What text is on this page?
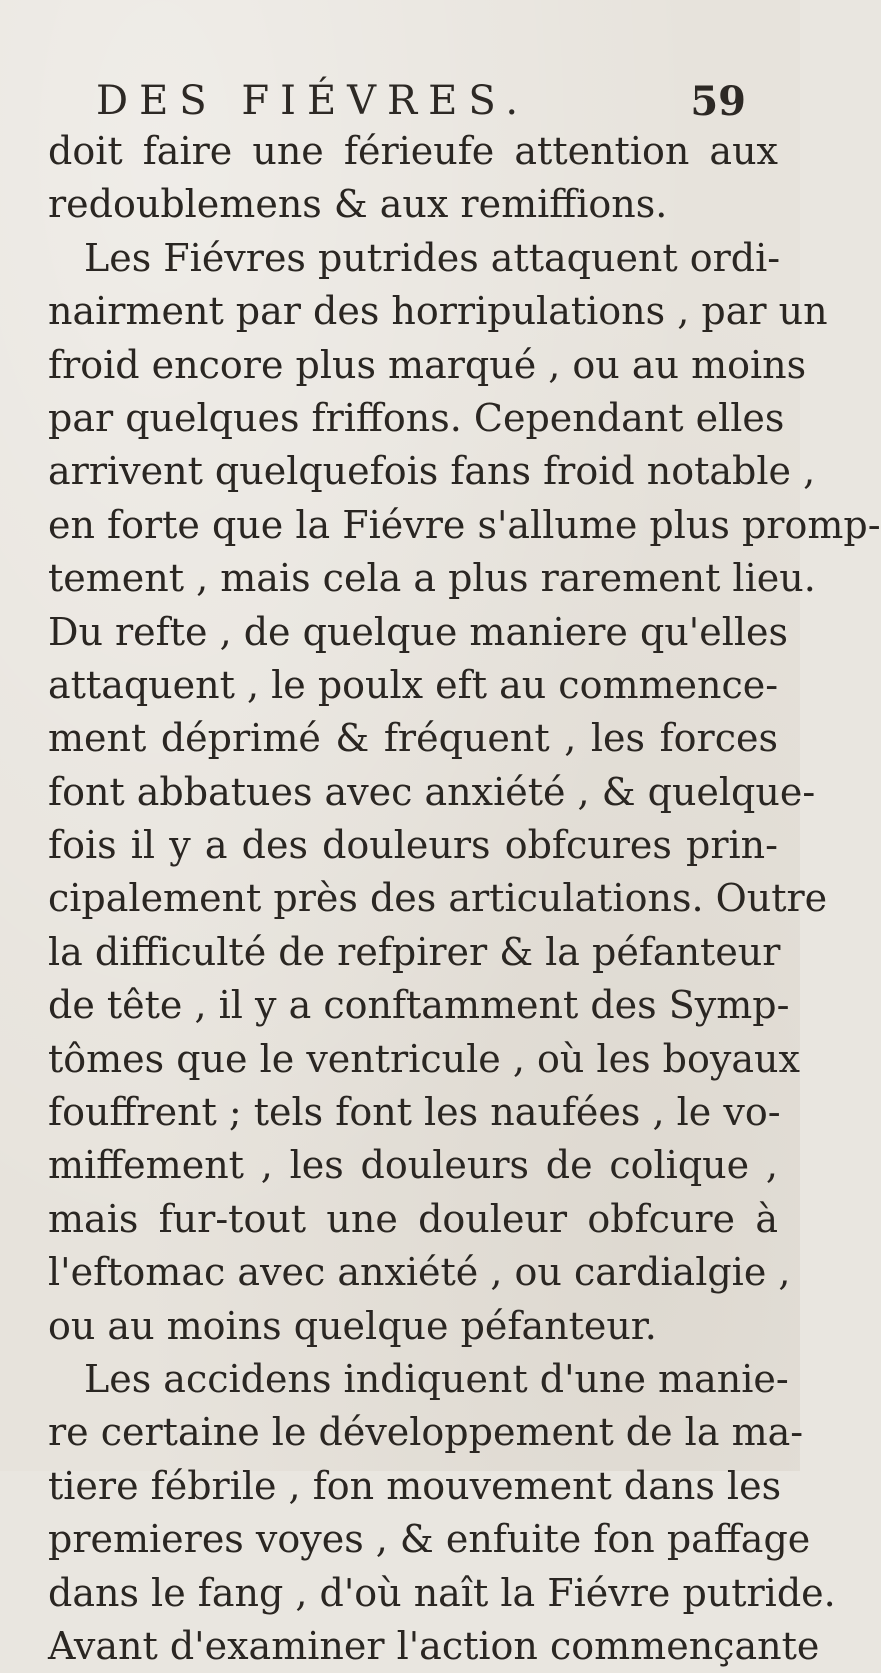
DES FIÉVRES.	59
doit faire une férieufe attention aux
redoublemens & aux remiffions.
Les Fiévres putrides attaquent ordi-
nairment par des horripulations , par un
froid encore plus marqué , ou au moins
par quelques friffons. Cependant elles
arrivent quelquefois fans froid notable ,
en forte que la Fiévre s'allume plus promp-
tement , mais cela a plus rarement lieu.
Du refte , de quelque maniere qu'elles
attaquent , le poulx eft au commence-
ment déprimé & fréquent , les forces
font abbatues avec anxiété , & quelque-
fois il y a des douleurs obfcures prin-
cipalement près des articulations. Outre
la difficulté de refpirer & la péfanteur
de tête , il y a conftamment des Symp-
tômes que le ventricule , où les boyaux
fouffrent ; tels font les naufées , le vo-
miffement , les douleurs de colique ,
mais fur-tout une douleur obfcure à
l'eftomac avec anxiété , ou cardialgie ,
ou au moins quelque péfanteur.
Les accidens indiquent d'une manie-
re certaine le développement de la ma-
tiere fébrile , fon mouvement dans les
premieres voyes , & enfuite fon paffage
dans le fang , d'où naît la Fiévre putride.
Avant d'examiner l'action commençante
